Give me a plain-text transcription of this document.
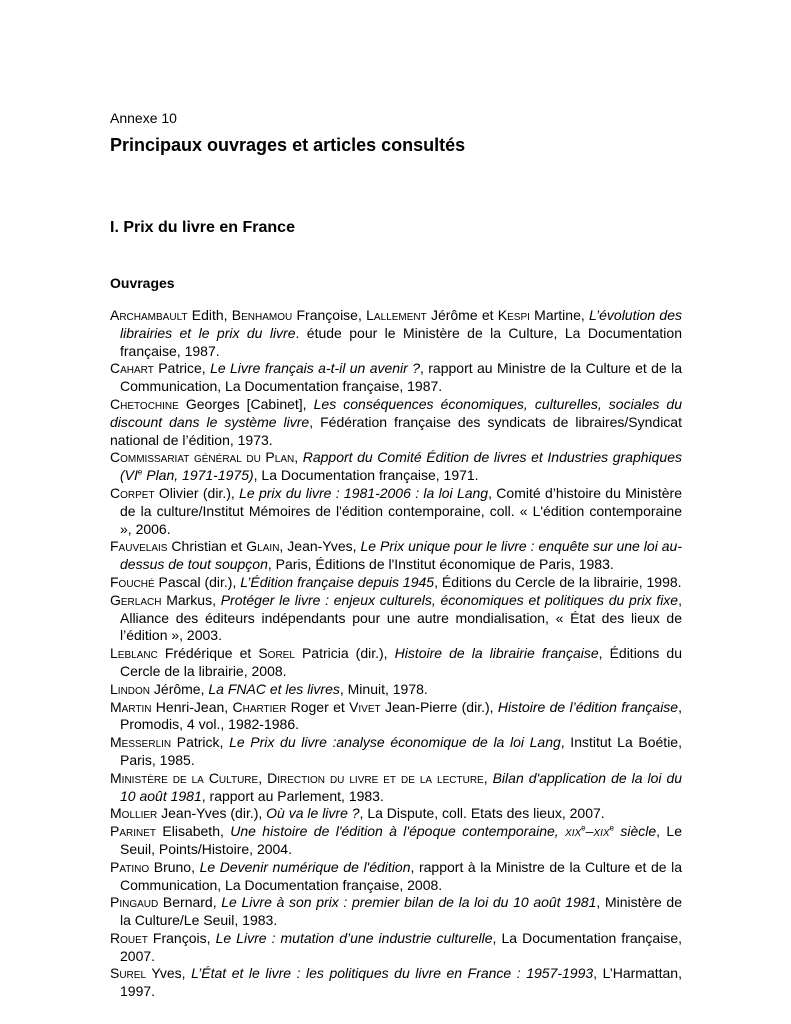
Annexe 10
Principaux ouvrages et articles consultés
I. Prix du livre en France
Ouvrages
Archambault Edith, Benhamou Françoise, Lallement Jérôme et Kespi Martine, L’évolution des librairies et le prix du livre. étude pour le Ministère de la Culture, La Documentation française, 1987.
Cahart Patrice, Le Livre français a-t-il un avenir ?, rapport au Ministre de la Culture et de la Communication, La Documentation française, 1987.
Chetochine Georges [Cabinet], Les conséquences économiques, culturelles, sociales du discount dans le système livre, Fédération française des syndicats de libraires/Syndicat national de l’édition, 1973.
Commissariat général du Plan, Rapport du Comité Édition de livres et Industries graphiques (VIe Plan, 1971-1975), La Documentation française, 1971.
Corpet Olivier (dir.), Le prix du livre : 1981-2006 : la loi Lang, Comité d’histoire du Ministère de la culture/Institut Mémoires de l'édition contemporaine, coll. « L'édition contemporaine », 2006.
Fauvelais Christian et Glain, Jean-Yves, Le Prix unique pour le livre : enquête sur une loi au-dessus de tout soupçon, Paris, Éditions de l'Institut économique de Paris, 1983.
Fouché Pascal (dir.), L’Édition française depuis 1945, Éditions du Cercle de la librairie, 1998.
Gerlach Markus, Protéger le livre : enjeux culturels, économiques et politiques du prix fixe, Alliance des éditeurs indépendants pour une autre mondialisation, « État des lieux de l’édition », 2003.
Leblanc Frédérique et Sorel Patricia (dir.), Histoire de la librairie française, Éditions du Cercle de la librairie, 2008.
Lindon Jérôme, La FNAC et les livres, Minuit, 1978.
Martin Henri-Jean, Chartier Roger et Vivet Jean-Pierre (dir.), Histoire de l’édition française, Promodis, 4 vol., 1982-1986.
Messerlin Patrick, Le Prix du livre :analyse économique de la loi Lang, Institut La Boétie, Paris, 1985.
Ministère de la Culture, Direction du livre et de la lecture, Bilan d'application de la loi du 10 août 1981, rapport au Parlement, 1983.
Mollier Jean-Yves (dir.), Où va le livre ?, La Dispute, coll. Etats des lieux, 2007.
Parinet Elisabeth, Une histoire de l'édition à l'époque contemporaine, xix$^e$–xix$^e$ siècle, Le Seuil, Points/Histoire, 2004.
Patino Bruno, Le Devenir numérique de l'édition, rapport à la Ministre de la Culture et de la Communication, La Documentation française, 2008.
Pingaud Bernard, Le Livre à son prix : premier bilan de la loi du 10 août 1981, Ministère de la Culture/Le Seuil, 1983.
Rouet François, Le Livre : mutation d’une industrie culturelle, La Documentation française, 2007.
Surel Yves, L’État et le livre : les politiques du livre en France : 1957-1993, L’Harmattan, 1997.
